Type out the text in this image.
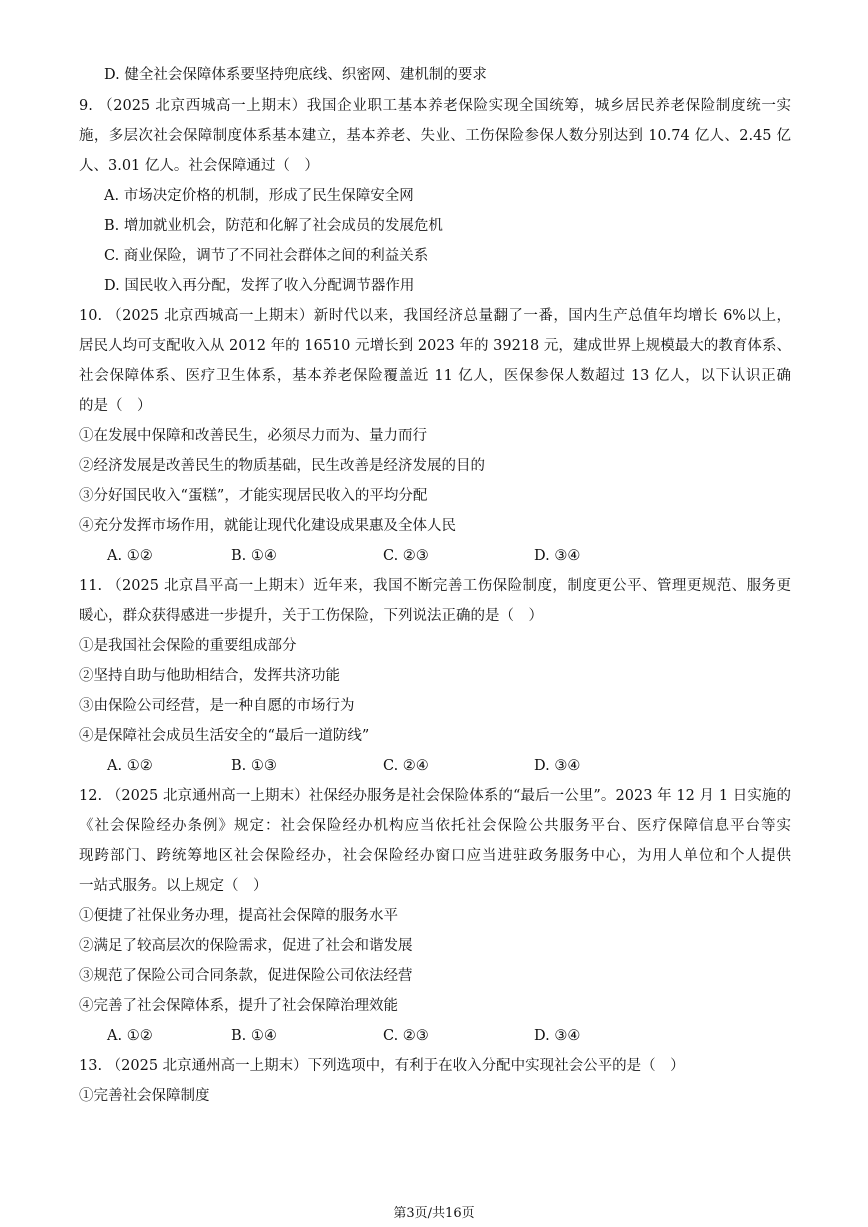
D. 健全社会保障体系要坚持兜底线、织密网、建机制的要求
9. （2025 北京西城高一上期末）我国企业职工基本养老保险实现全国统筹，城乡居民养老保险制度统一实
施，多层次社会保障制度体系基本建立，基本养老、失业、工伤保险参保人数分别达到 10.74 亿人、2.45 亿
人、3.01 亿人。社会保障通过（　）
A. 市场决定价格的机制，形成了民生保障安全网
B. 增加就业机会，防范和化解了社会成员的发展危机
C. 商业保险，调节了不同社会群体之间的利益关系
D. 国民收入再分配，发挥了收入分配调节器作用
10. （2025 北京西城高一上期末）新时代以来，我国经济总量翻了一番，国内生产总值年均增长 6%以上，
居民人均可支配收入从 2012 年的 16510 元增长到 2023 年的 39218 元，建成世界上规模最大的教育体系、
社会保障体系、医疗卫生体系，基本养老保险覆盖近 11 亿人，医保参保人数超过 13 亿人，以下认识正确
的是（　）
①在发展中保障和改善民生，必须尽力而为、量力而行
②经济发展是改善民生的物质基础，民生改善是经济发展的目的
③分好国民收入“蛋糕”，才能实现居民收入的平均分配
④充分发挥市场作用，就能让现代化建设成果惠及全体人民
A. ①②	B. ①④	C. ②③	D. ③④
11. （2025 北京昌平高一上期末）近年来，我国不断完善工伤保险制度，制度更公平、管理更规范、服务更
暖心，群众获得感进一步提升，关于工伤保险，下列说法正确的是（　）
①是我国社会保险的重要组成部分
②坚持自助与他助相结合，发挥共济功能
③由保险公司经营，是一种自愿的市场行为
④是保障社会成员生活安全的“最后一道防线”
A. ①②	B. ①③	C. ②④	D. ③④
12. （2025 北京通州高一上期末）社保经办服务是社会保险体系的“最后一公里”。2023 年 12 月 1 日实施的
《社会保险经办条例》规定：社会保险经办机构应当依托社会保险公共服务平台、医疗保障信息平台等实
现跨部门、跨统筹地区社会保险经办，社会保险经办窗口应当进驻政务服务中心，为用人单位和个人提供
一站式服务。以上规定（　）
①便捷了社保业务办理，提高社会保障的服务水平
②满足了较高层次的保险需求，促进了社会和谐发展
③规范了保险公司合同条款，促进保险公司依法经营
④完善了社会保障体系，提升了社会保障治理效能
A. ①②	B. ①④	C. ②③	D. ③④
13. （2025 北京通州高一上期末）下列选项中，有利于在收入分配中实现社会公平的是（　）
①完善社会保障制度
第3页/共16页
